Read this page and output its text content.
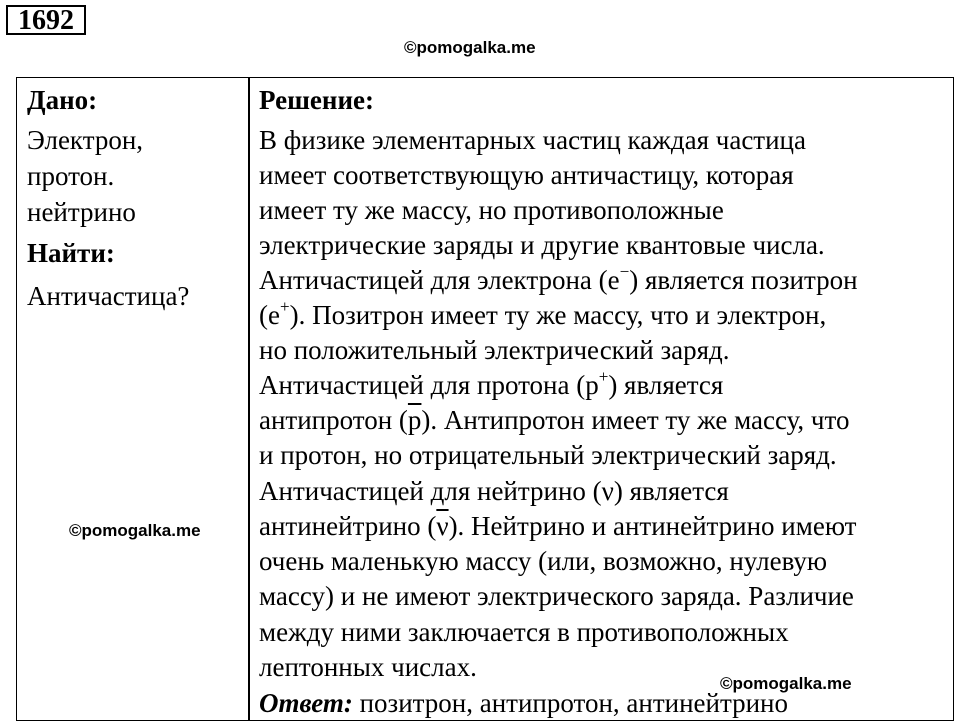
1692
©pomogalka.me
Дано:
Электрон,
протон.
нейтрино
Найти:
Античастица?
©pomogalka.me
Решение:
В физике элементарных частиц каждая частица
имеет соответствующую античастицу, которая
имеет ту же массу, но противоположные
электрические заряды и другие квантовые числа.
Античастицей для электрона (e−) является позитрон
(e+). Позитрон имеет ту же массу, что и электрон,
но положительный электрический заряд.
Античастицей для протона (p+) является
антипротон $(\overline{p})$. Антипротон имеет ту же массу, что
и протон, но отрицательный электрический заряд.
Античастицей для нейтрино (ν) является
антинейтрино $(\overline{\nu})$. Нейтрино и антинейтрино имеют
очень маленькую массу (или, возможно, нулевую
массу) и не имеют электрического заряда. Различие
между ними заключается в противоположных
лептонных числах.
Ответ: позитрон, антипротон, антинейтрино
©pomogalka.me
